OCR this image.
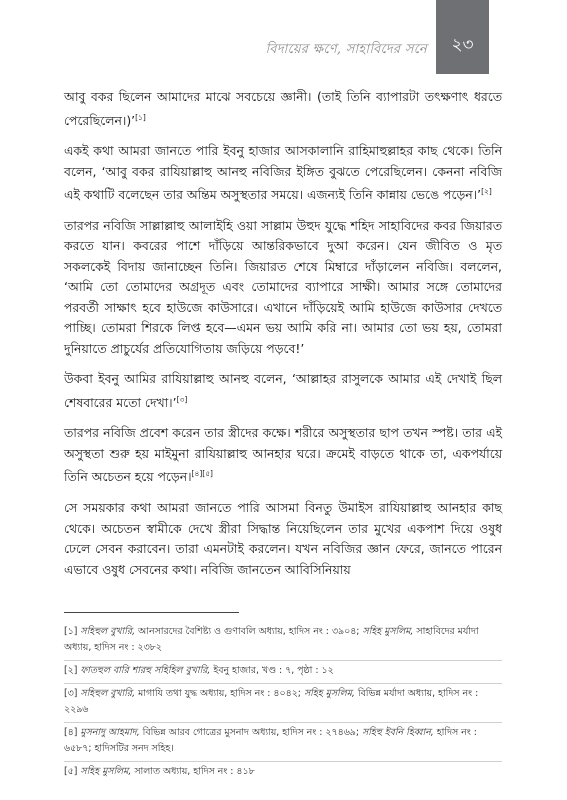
বিদায়ের ক্ষণে, সাহাবিদের সনে ২৩

আবু বকর ছিলেন আমাদের মাঝে সবচেয়ে জ্ঞানী। (তাই তিনি ব্যাপারটা তৎক্ষণাৎ ধরতে পেরেছিলেন।)’[১]

একই কথা আমরা জানতে পারি ইবনু হাজার আসকালানি রাহিমাহুল্লাহর কাছ থেকে। তিনি বলেন, ‘আবু বকর রাযিয়াল্লাহু আনহু নবিজির ইঙ্গিত বুঝতে পেরেছিলেন। কেননা নবিজি এই কথাটি বলেছেন তার অন্তিম অসুস্থতার সময়ে। এজন্যই তিনি কান্নায় ভেঙে পড়েন।’[২]

তারপর নবিজি সাল্লাল্লাহু আলাইহি ওয়া সাল্লাম উহুদ যুদ্ধে শহিদ সাহাবিদের কবর জিয়ারত করতে যান। কবরের পাশে দাঁড়িয়ে আন্তরিকভাবে দুআ করেন। যেন জীবিত ও মৃত সকলকেই বিদায় জানাচ্ছেন তিনি। জিয়ারত শেষে মিম্বারে দাঁড়ালেন নবিজি। বললেন, ‘আমি তো তোমাদের অগ্রদূত এবং তোমাদের ব্যাপারে সাক্ষী। আমার সঙ্গে তোমাদের পরবর্তী সাক্ষাৎ হবে হাউজে কাউসারে। এখানে দাঁড়িয়েই আমি হাউজে কাউসার দেখতে পাচ্ছি। তোমরা শিরকে লিপ্ত হবে—এমন ভয় আমি করি না। আমার তো ভয় হয়, তোমরা দুনিয়াতে প্রাচুর্যের প্রতিযোগিতায় জড়িয়ে পড়বে!’

উকবা ইবনু আমির রাযিয়াল্লাহু আনহু বলেন, ‘আল্লাহর রাসুলকে আমার এই দেখাই ছিল শেষবারের মতো দেখা।’[৩]

তারপর নবিজি প্রবেশ করেন তার স্ত্রীদের কক্ষে। শরীরে অসুস্থতার ছাপ তখন স্পষ্ট। তার এই অসুস্থতা শুরু হয় মাইমুনা রাযিয়াল্লাহু আনহার ঘরে। ক্রমেই বাড়তে থাকে তা, একপর্যায়ে তিনি অচেতন হয়ে পড়েন।[৪][৫]

সে সময়কার কথা আমরা জানতে পারি আসমা বিনতু উমাইস রাযিয়াল্লাহু আনহার কাছ থেকে। অচেতন স্বামীকে দেখে স্ত্রীরা সিদ্ধান্ত নিয়েছিলেন তার মুখের একপাশ দিয়ে ওষুধ ঢেলে সেবন করাবেন। তারা এমনটাই করলেন। যখন নবিজির জ্ঞান ফেরে, জানতে পারেন এভাবে ওষুধ সেবনের কথা। নবিজি জানতেন আবিসিনিয়ায়

[১] সহিহুল বুখারি, আনসারদের বৈশিষ্ট্য ও গুণাবলি অধ্যায়, হাদিস নং : ৩৯০৪; সহিহ মুসলিম, সাহাবিদের মর্যাদা অধ্যায়, হাদিস নং : ২৩৮২

[২] ফাতহুল বারি শারহু সহিহিল বুখারি, ইবনু হাজার, খণ্ড : ৭, পৃষ্ঠা : ১২

[৩] সহিহুল বুখারি, মাগাযি তথা যুদ্ধ অধ্যায়, হাদিস নং : ৪০৪২; সহিহ মুসলিম, বিভিন্ন মর্যাদা অধ্যায়, হাদিস নং : ২২৯৬

[৪] মুসনাদু আহমাদ, বিভিন্ন আরব গোত্রের মুসনাদ অধ্যায়, হাদিস নং : ২৭৪৬৯; সহিহু ইবনি হিব্বান, হাদিস নং : ৬৫৮৭; হাদিসটির সনদ সহিহ।

[৫] সহিহ মুসলিম, সালাত অধ্যায়, হাদিস নং : ৪১৮
